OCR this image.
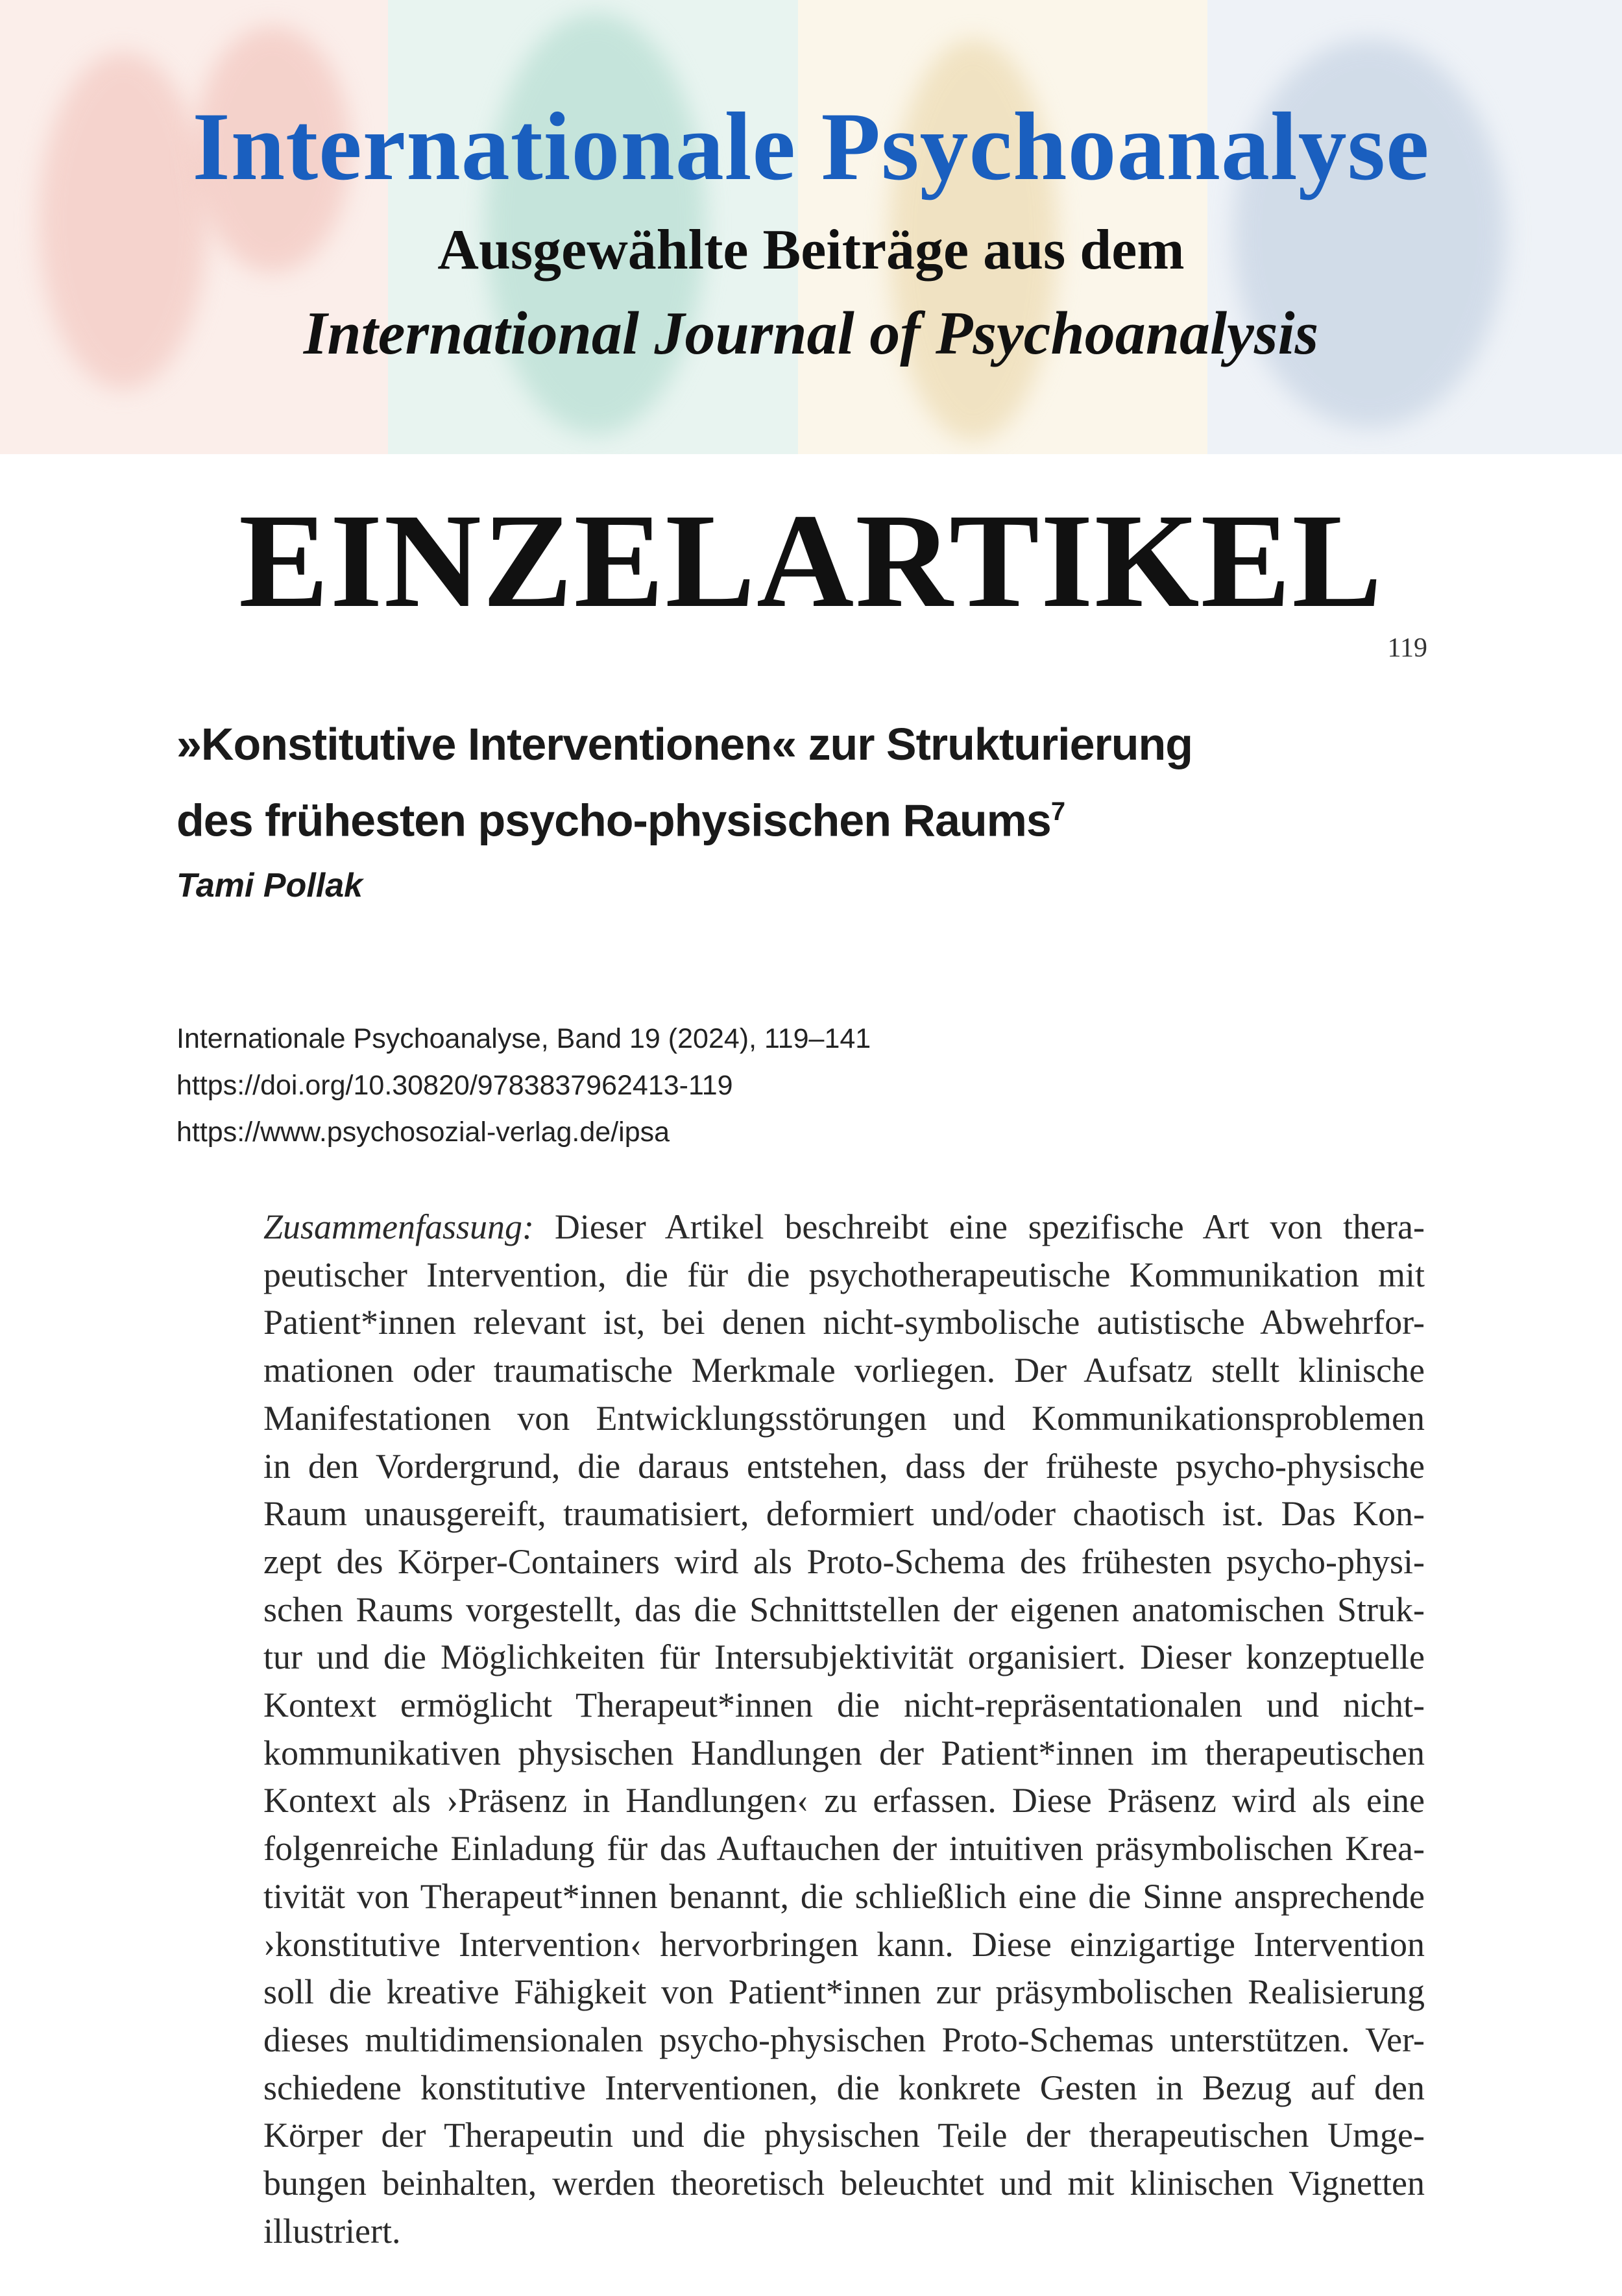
Internationale Psychoanalyse
Ausgewählte Beiträge aus dem
International Journal of Psychoanalysis
EINZELARTIKEL
119
»Konstitutive Interventionen« zur Strukturierung
des frühesten psycho-physischen Raums$^7$
Tami Pollak
Internationale Psychoanalyse, Band 19 (2024), 119–141
https://doi.org/10.30820/9783837962413-119
https://www.psychosozial-verlag.de/ipsa
Zusammenfassung: Dieser Artikel beschreibt eine spezifische Art von thera-
peutischer Intervention, die für die psychotherapeutische Kommunikation mit
Patient*innen relevant ist, bei denen nicht-symbolische autistische Abwehrfor-
mationen oder traumatische Merkmale vorliegen. Der Aufsatz stellt klinische
Manifestationen von Entwicklungsstörungen und Kommunikationsproblemen
in den Vordergrund, die daraus entstehen, dass der früheste psycho-physische
Raum unausgereift, traumatisiert, deformiert und/oder chaotisch ist. Das Kon-
zept des Körper-Containers wird als Proto-Schema des frühesten psycho-physi-
schen Raums vorgestellt, das die Schnittstellen der eigenen anatomischen Struk-
tur und die Möglichkeiten für Intersubjektivität organisiert. Dieser konzeptuelle
Kontext ermöglicht Therapeut*innen die nicht-repräsentationalen und nicht-
kommunikativen physischen Handlungen der Patient*innen im therapeutischen
Kontext als ›Präsenz in Handlungen‹ zu erfassen. Diese Präsenz wird als eine
folgenreiche Einladung für das Auftauchen der intuitiven präsymbolischen Krea-
tivität von Therapeut*innen benannt, die schließlich eine die Sinne ansprechende
›konstitutive Intervention‹ hervorbringen kann. Diese einzigartige Intervention
soll die kreative Fähigkeit von Patient*innen zur präsymbolischen Realisierung
dieses multidimensionalen psycho-physischen Proto-Schemas unterstützen. Ver-
schiedene konstitutive Interventionen, die konkrete Gesten in Bezug auf den
Körper der Therapeutin und die physischen Teile der therapeutischen Umge-
bungen beinhalten, werden theoretisch beleuchtet und mit klinischen Vignetten
illustriert.
